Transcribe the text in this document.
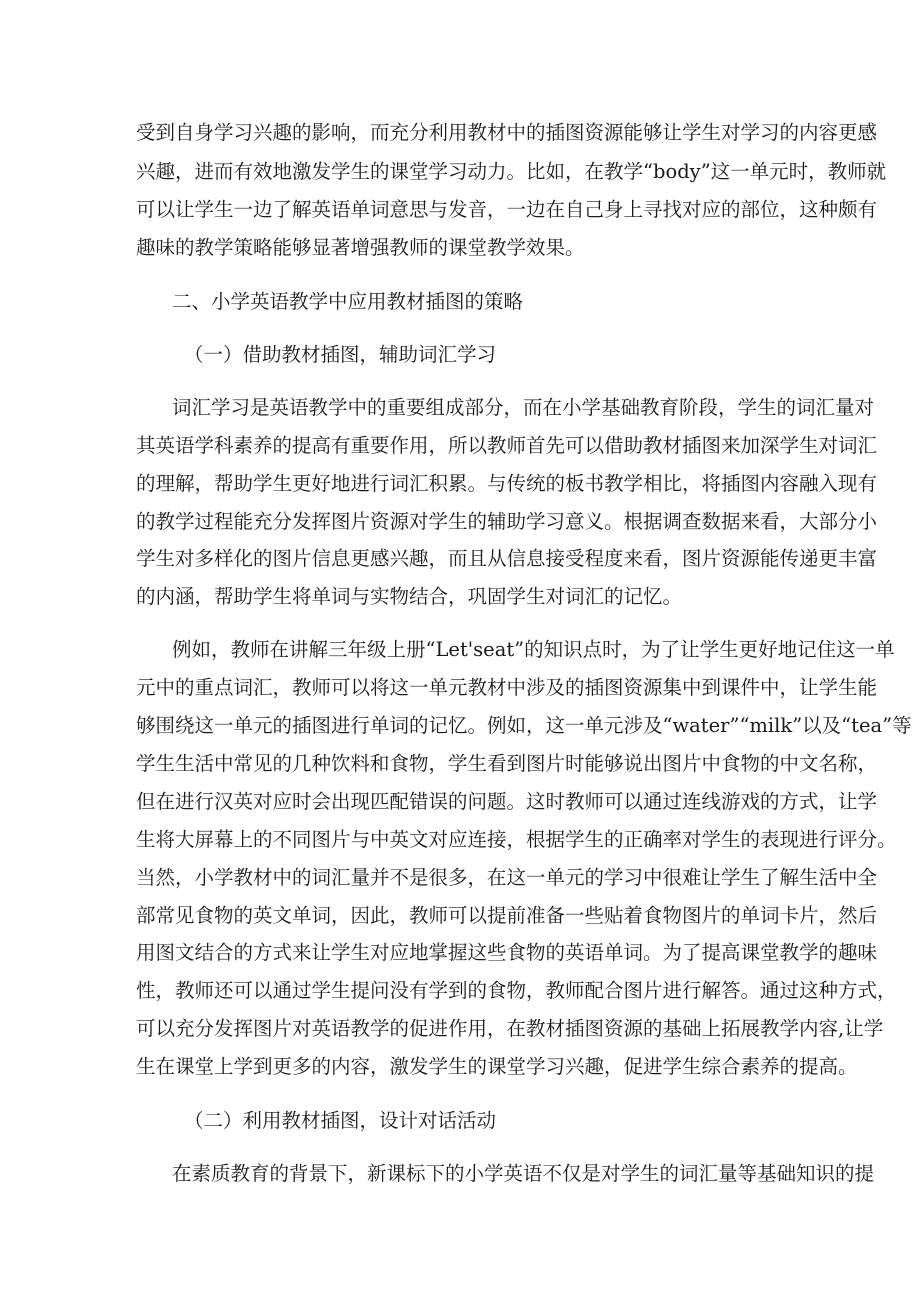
受到自身学习兴趣的影响，而充分利用教材中的插图资源能够让学生对学习的内容更感
兴趣，进而有效地激发学生的课堂学习动力。比如，在教学“body”这一单元时，教师就
可以让学生一边了解英语单词意思与发音，一边在自己身上寻找对应的部位，这种颇有
趣味的教学策略能够显著增强教师的课堂教学效果。
二、小学英语教学中应用教材插图的策略
（一）借助教材插图，辅助词汇学习
词汇学习是英语教学中的重要组成部分，而在小学基础教育阶段，学生的词汇量对
其英语学科素养的提高有重要作用，所以教师首先可以借助教材插图来加深学生对词汇
的理解，帮助学生更好地进行词汇积累。与传统的板书教学相比，将插图内容融入现有
的教学过程能充分发挥图片资源对学生的辅助学习意义。根据调查数据来看，大部分小
学生对多样化的图片信息更感兴趣，而且从信息接受程度来看，图片资源能传递更丰富
的内涵，帮助学生将单词与实物结合，巩固学生对词汇的记忆。
例如，教师在讲解三年级上册“Let'seat”的知识点时，为了让学生更好地记住这一单
元中的重点词汇，教师可以将这一单元教材中涉及的插图资源集中到课件中，让学生能
够围绕这一单元的插图进行单词的记忆。例如，这一单元涉及“water”“milk”以及“tea”等
学生生活中常见的几种饮料和食物，学生看到图片时能够说出图片中食物的中文名称，
但在进行汉英对应时会出现匹配错误的问题。这时教师可以通过连线游戏的方式，让学
生将大屏幕上的不同图片与中英文对应连接，根据学生的正确率对学生的表现进行评分。
当然，小学教材中的词汇量并不是很多，在这一单元的学习中很难让学生了解生活中全
部常见食物的英文单词，因此，教师可以提前准备一些贴着食物图片的单词卡片，然后
用图文结合的方式来让学生对应地掌握这些食物的英语单词。为了提高课堂教学的趣味
性，教师还可以通过学生提问没有学到的食物，教师配合图片进行解答。通过这种方式，
可以充分发挥图片对英语教学的促进作用，在教材插图资源的基础上拓展教学内容,让学
生在课堂上学到更多的内容，激发学生的课堂学习兴趣，促进学生综合素养的提高。
（二）利用教材插图，设计对话活动
在素质教育的背景下，新课标下的小学英语不仅是对学生的词汇量等基础知识的提
